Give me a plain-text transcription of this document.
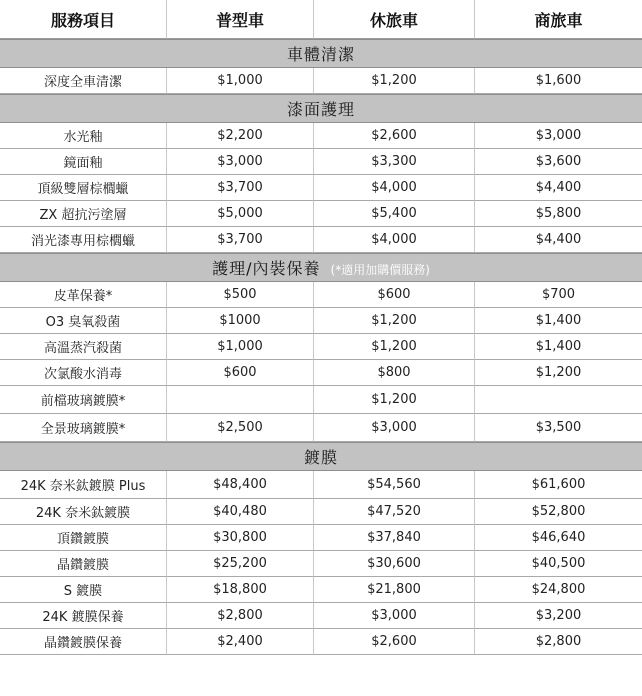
服務項目	普型車	休旅車	商旅車
車體清潔			
深度全車清潔	$1,000	$1,200	$1,600
漆面護理			
水光釉	$2,200	$2,600	$3,000
鏡面釉	$3,000	$3,300	$3,600
頂級雙層棕櫚蠟	$3,700	$4,000	$4,400
ZX 超抗污塗層	$5,000	$5,400	$5,800
消光漆專用棕櫚蠟	$3,700	$4,000	$4,400
護理/內裝保養 (*適用加購價服務)			
皮革保養*	$500	$600	$700
O3 臭氧殺菌	$1000	$1,200	$1,400
高溫蒸汽殺菌	$1,000	$1,200	$1,400
次氯酸水消毒	$600	$800	$1,200
前檔玻璃鍍膜*		$1,200	
全景玻璃鍍膜*	$2,500	$3,000	$3,500
鍍膜			
24K 奈米鈦鍍膜 Plus	$48,400	$54,560	$61,600
24K 奈米鈦鍍膜	$40,480	$47,520	$52,800
頂鑽鍍膜	$30,800	$37,840	$46,640
晶鑽鍍膜	$25,200	$30,600	$40,500
S 鍍膜	$18,800	$21,800	$24,800
24K 鍍膜保養	$2,800	$3,000	$3,200
晶鑽鍍膜保養	$2,400	$2,600	$2,800
